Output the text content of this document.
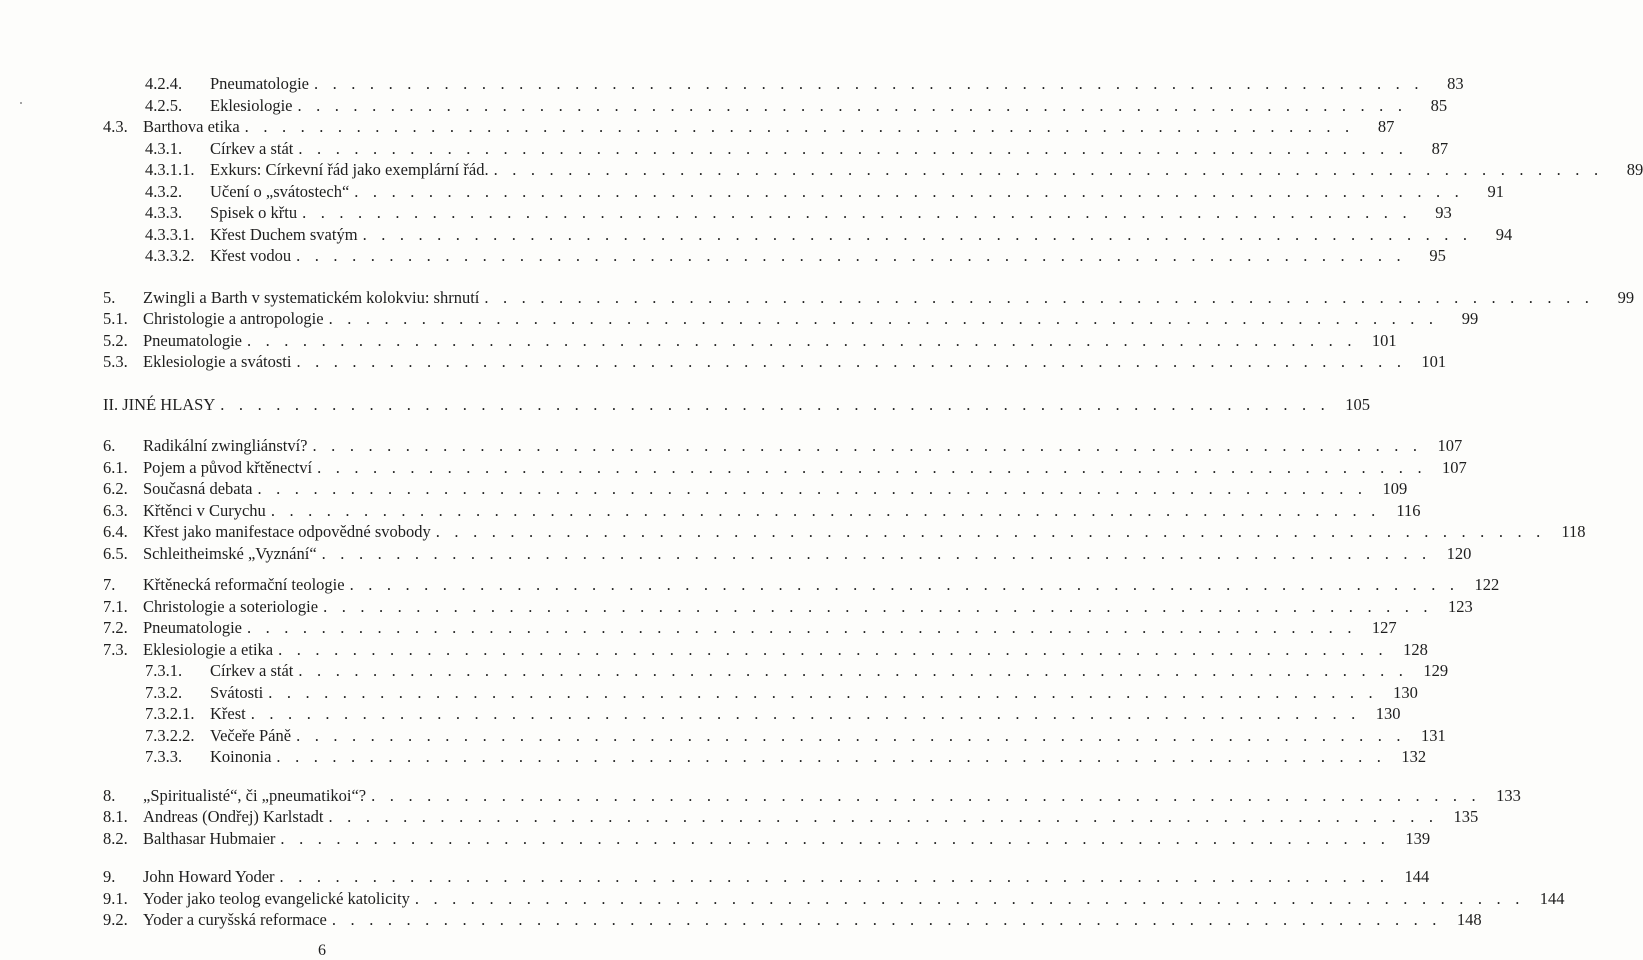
4.2.4.	Pneumatologie . . . . . . . . . . . . . . . . . . . . . . . . . . . . . . . . . . . . . . . . . . . . . . . . . . . . . . . . . . . .	83
4.2.5.	Eklesiologie . . . . . . . . . . . . . . . . . . . . . . . . . . . . . . . . . . . . . . . . . . . . . . . . . . . . . . . . . . . .	85
4.3. Barthova etika . . . . . . . . . . . . . . . . . . . . . . . . . . . . . . . . . . . . . . . . . . . . . . . . . . . . . . . . . . . .	87
4.3.1.	Církev a stát . . . . . . . . . . . . . . . . . . . . . . . . . . . . . . . . . . . . . . . . . . . . . . . . . . . . . . . . . . . .	87
4.3.1.1. Exkurs: Církevní řád jako exemplární řád. . . . . . . . . . . . . . . . . . . . . . . . . . . . . . . . . . . . . . . . . . . . . . . . . . . . . . . . . . . . .	89
4.3.2.	Učení o „svátostech“ . . . . . . . . . . . . . . . . . . . . . . . . . . . . . . . . . . . . . . . . . . . . . . . . . . . . . . . . . . . .	91
4.3.3.	Spisek o křtu . . . . . . . . . . . . . . . . . . . . . . . . . . . . . . . . . . . . . . . . . . . . . . . . . . . . . . . . . . . .	93
4.3.3.1. Křest Duchem svatým . . . . . . . . . . . . . . . . . . . . . . . . . . . . . . . . . . . . . . . . . . . . . . . . . . . . . . . . . . . .	94
4.3.3.2. Křest vodou . . . . . . . . . . . . . . . . . . . . . . . . . . . . . . . . . . . . . . . . . . . . . . . . . . . . . . . . . . . .	95
5.	Zwingli a Barth v systematickém kolokviu: shrnutí . . . . . . . . . . . . . . . . . . . . . . . . . . . . . . . . . . . . . . . . . . . . . . . . . . . . . . . . . . . .	99
5.1. Christologie a antropologie . . . . . . . . . . . . . . . . . . . . . . . . . . . . . . . . . . . . . . . . . . . . . . . . . . . . . . . . . . . .	99
5.2. Pneumatologie . . . . . . . . . . . . . . . . . . . . . . . . . . . . . . . . . . . . . . . . . . . . . . . . . . . . . . . . . . . . 101
5.3. Eklesiologie a svátosti . . . . . . . . . . . . . . . . . . . . . . . . . . . . . . . . . . . . . . . . . . . . . . . . . . . . . . . . . . . . 101
II. JINÉ HLASY . . . . . . . . . . . . . . . . . . . . . . . . . . . . . . . . . . . . . . . . . . . . . . . . . . . . . . . . . . . . 105
6.	Radikální zwingliánství? . . . . . . . . . . . . . . . . . . . . . . . . . . . . . . . . . . . . . . . . . . . . . . . . . . . . . . . . . . . . 107
6.1. Pojem a původ křtěnectví . . . . . . . . . . . . . . . . . . . . . . . . . . . . . . . . . . . . . . . . . . . . . . . . . . . . . . . . . . . . 107
6.2. Současná debata . . . . . . . . . . . . . . . . . . . . . . . . . . . . . . . . . . . . . . . . . . . . . . . . . . . . . . . . . . . . 109
6.3. Křtěnci v Curychu . . . . . . . . . . . . . . . . . . . . . . . . . . . . . . . . . . . . . . . . . . . . . . . . . . . . . . . . . . . . 116
6.4. Křest jako manifestace odpovědné svobody . . . . . . . . . . . . . . . . . . . . . . . . . . . . . . . . . . . . . . . . . . . . . . . . . . . . . . . . . . . . 118
6.5. Schleitheimské „Vyznání“ . . . . . . . . . . . . . . . . . . . . . . . . . . . . . . . . . . . . . . . . . . . . . . . . . . . . . . . . . . . . 120
7.	Křtěnecká reformační teologie . . . . . . . . . . . . . . . . . . . . . . . . . . . . . . . . . . . . . . . . . . . . . . . . . . . . . . . . . . . . 122
7.1. Christologie a soteriologie . . . . . . . . . . . . . . . . . . . . . . . . . . . . . . . . . . . . . . . . . . . . . . . . . . . . . . . . . . . . 123
7.2. Pneumatologie . . . . . . . . . . . . . . . . . . . . . . . . . . . . . . . . . . . . . . . . . . . . . . . . . . . . . . . . . . . . 127
7.3. Eklesiologie a etika . . . . . . . . . . . . . . . . . . . . . . . . . . . . . . . . . . . . . . . . . . . . . . . . . . . . . . . . . . . . 128
7.3.1.	Církev a stát . . . . . . . . . . . . . . . . . . . . . . . . . . . . . . . . . . . . . . . . . . . . . . . . . . . . . . . . . . . . 129
7.3.2.	Svátosti . . . . . . . . . . . . . . . . . . . . . . . . . . . . . . . . . . . . . . . . . . . . . . . . . . . . . . . . . . . . 130
7.3.2.1. Křest . . . . . . . . . . . . . . . . . . . . . . . . . . . . . . . . . . . . . . . . . . . . . . . . . . . . . . . . . . . . 130
7.3.2.2. Večeře Páně . . . . . . . . . . . . . . . . . . . . . . . . . . . . . . . . . . . . . . . . . . . . . . . . . . . . . . . . . . . . 131
7.3.3.	Koinonia . . . . . . . . . . . . . . . . . . . . . . . . . . . . . . . . . . . . . . . . . . . . . . . . . . . . . . . . . . . . 132
8.	„Spiritualisté“, či „pneumatikoi“? . . . . . . . . . . . . . . . . . . . . . . . . . . . . . . . . . . . . . . . . . . . . . . . . . . . . . . . . . . . . 133
8.1. Andreas (Ondřej) Karlstadt . . . . . . . . . . . . . . . . . . . . . . . . . . . . . . . . . . . . . . . . . . . . . . . . . . . . . . . . . . . . 135
8.2. Balthasar Hubmaier . . . . . . . . . . . . . . . . . . . . . . . . . . . . . . . . . . . . . . . . . . . . . . . . . . . . . . . . . . . . 139
9.	John Howard Yoder . . . . . . . . . . . . . . . . . . . . . . . . . . . . . . . . . . . . . . . . . . . . . . . . . . . . . . . . . . . . 144
9.1. Yoder jako teolog evangelické katolicity . . . . . . . . . . . . . . . . . . . . . . . . . . . . . . . . . . . . . . . . . . . . . . . . . . . . . . . . . . . . 144
9.2. Yoder a curyšská reformace . . . . . . . . . . . . . . . . . . . . . . . . . . . . . . . . . . . . . . . . . . . . . . . . . . . . . . . . . . . . 148
6
